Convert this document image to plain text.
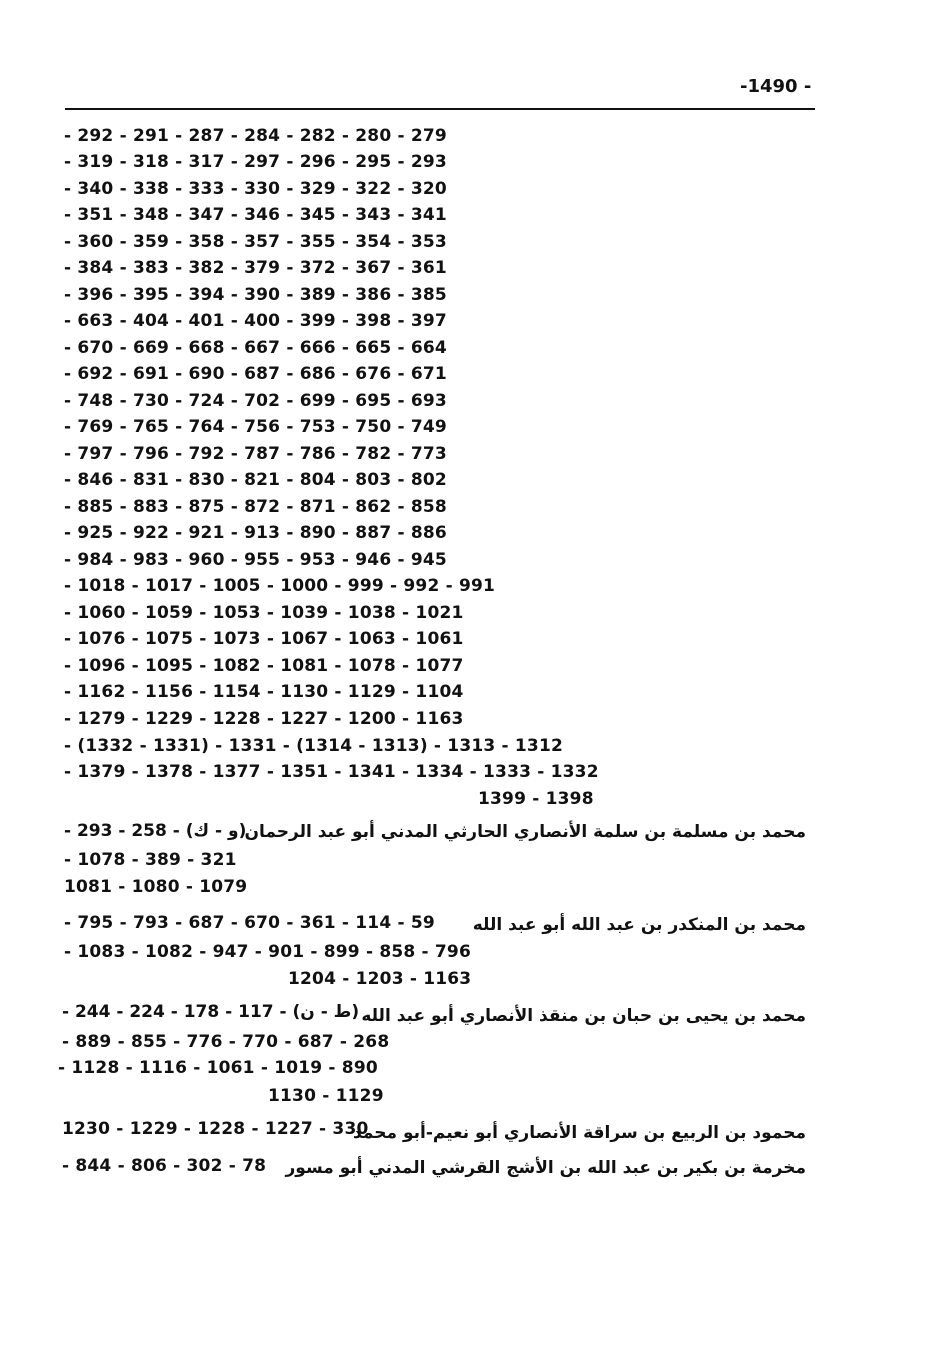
-1490 -
- 292 - 291 - 287 - 284 - 282 - 280 - 279
- 319 - 318 - 317 - 297 - 296 - 295 - 293
- 340 - 338 - 333 - 330 - 329 - 322 - 320
- 351 - 348 - 347 - 346 - 345 - 343 - 341
- 360 - 359 - 358 - 357 - 355 - 354 - 353
- 384 - 383 - 382 - 379 - 372 - 367 - 361
- 396 - 395 - 394 - 390 - 389 - 386 - 385
- 663 - 404 - 401 - 400 - 399 - 398 - 397
- 670 - 669 - 668 - 667 - 666 - 665 - 664
- 692 - 691 - 690 - 687 - 686 - 676 - 671
- 748 - 730 - 724 - 702 - 699 - 695 - 693
- 769 - 765 - 764 - 756 - 753 - 750 - 749
- 797 - 796 - 792 - 787 - 786 - 782 - 773
- 846 - 831 - 830 - 821 - 804 - 803 - 802
- 885 - 883 - 875 - 872 - 871 - 862 - 858
- 925 - 922 - 921 - 913 - 890 - 887 - 886
- 984 - 983 - 960 - 955 - 953 - 946 - 945
- 1018 - 1017 - 1005 - 1000 - 999 - 992 - 991
- 1060 - 1059 - 1053 - 1039 - 1038 - 1021
- 1076 - 1075 - 1073 - 1067 - 1063 - 1061
- 1096 - 1095 - 1082 - 1081 - 1078 - 1077
- 1162 - 1156 - 1154 - 1130 - 1129 - 1104
- 1279 - 1229 - 1228 - 1227 - 1200 - 1163
- (1332 - 1331) - 1331 - (1314 - 1313) - 1313 - 1312
- 1379 - 1378 - 1377 - 1351 - 1341 - 1334 - 1333 - 1332
1399 - 1398
محمد بن مسلمة بن سلمة الأنصاري الحارثي المدني أبو عبد الرحمان
- 293 - 258 - (و - ك)
- 1078 - 389 - 321
1081 - 1080 - 1079
محمد بن المنكدر بن عبد الله أبو عبد الله
- 795 - 793 - 687 - 670 - 361 - 114 - 59
- 1083 - 1082 - 947 - 901 - 899 - 858 - 796
1204 - 1203 - 1163
محمد بن يحيى بن حبان بن منقذ الأنصاري أبو عبد الله
- 244 - 224 - 178 - 117 - (ط - ن)
- 889 - 855 - 776 - 770 - 687 - 268
- 1128 - 1116 - 1061 - 1019 - 890
1130 - 1129
محمود بن الربيع بن سراقة الأنصاري أبو نعيم-أبو محمد
1230 - 1229 - 1228 - 1227 - 330
مخرمة بن بكير بن عبد الله بن الأشج القرشي المدني أبو مسور
- 844 - 806 - 302 - 78
